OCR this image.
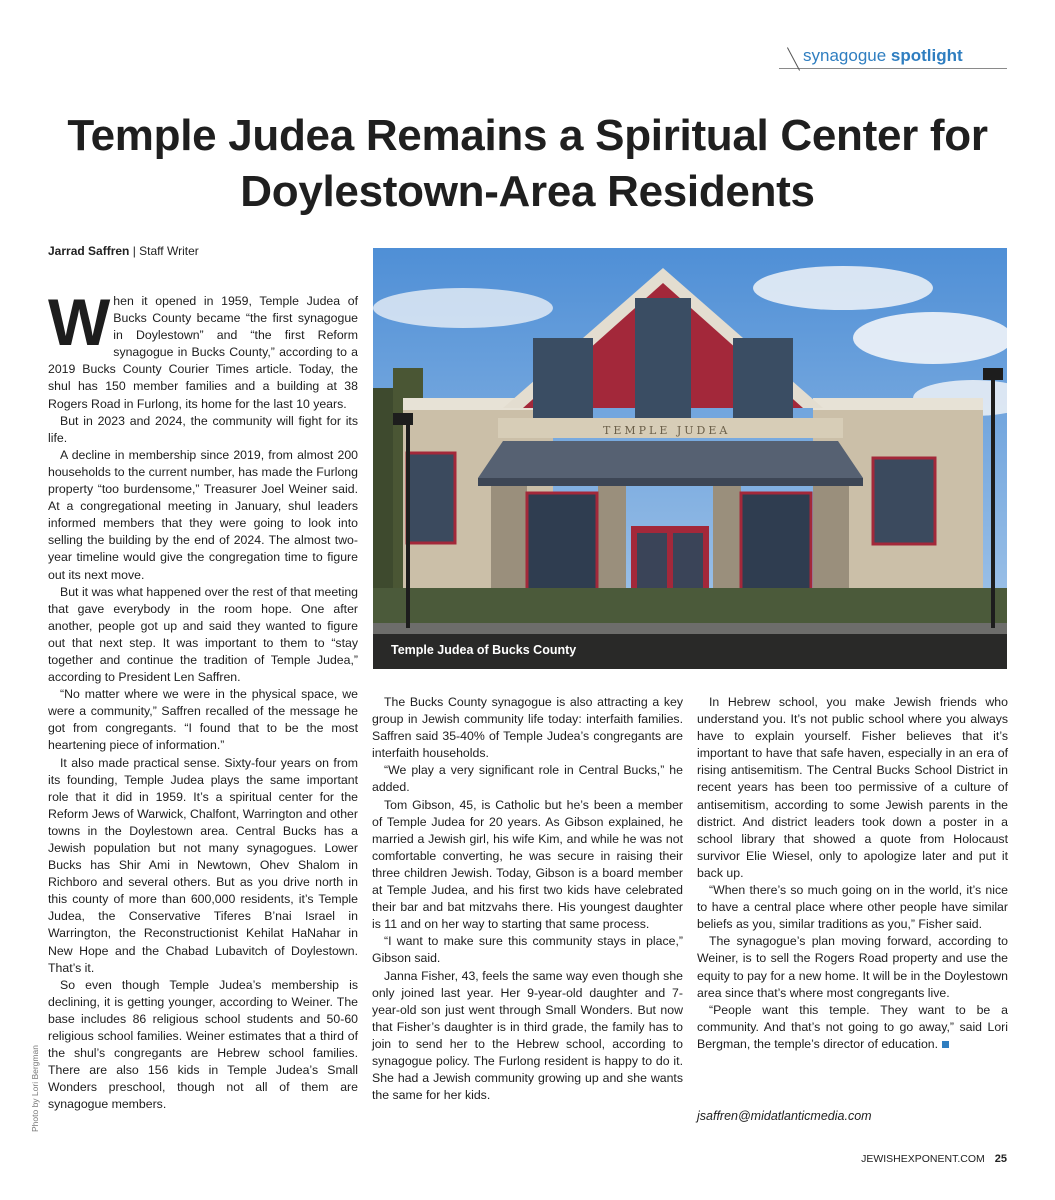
synagogue spotlight
Temple Judea Remains a Spiritual Center for Doylestown-Area Residents
Jarrad Saffren | Staff Writer

When it opened in 1959, Temple Judea of Bucks County became “the first synagogue in Doylestown” and “the first Reform synagogue in Bucks County,” according to a 2019 Bucks County Courier Times article. Today, the shul has 150 member families and a building at 38 Rogers Road in Furlong, its home for the last 10 years.

But in 2023 and 2024, the community will fight for its life.

A decline in membership since 2019, from almost 200 households to the current number, has made the Furlong property “too burdensome,” Treasurer Joel Weiner said. At a congregational meeting in January, shul leaders informed members that they were going to look into selling the building by the end of 2024. The almost two-year timeline would give the congregation time to figure out its next move.

But it was what happened over the rest of that meeting that gave everybody in the room hope. One after another, people got up and said they wanted to figure out that next step. It was important to them to “stay together and continue the tradition of Temple Judea,” according to President Len Saffren.

“No matter where we were in the physical space, we were a community,” Saffren recalled of the message he got from congregants. “I found that to be the most heartening piece of information.”

It also made practical sense. Sixty-four years on from its founding, Temple Judea plays the same important role that it did in 1959. It’s a spiritual center for the Reform Jews of Warwick, Chalfont, Warrington and other towns in the Doylestown area. Central Bucks has a Jewish population but not many synagogues. Lower Bucks has Shir Ami in Newtown, Ohev Shalom in Richboro and several others. But as you drive north in this county of more than 600,000 residents, it’s Temple Judea, the Conservative Tiferes B’nai Israel in Warrington, the Reconstructionist Kehilat HaNahar in New Hope and the Chabad Lubavitch of Doylestown. That’s it.

So even though Temple Judea’s membership is declining, it is getting younger, according to Weiner. The base includes 86 religious school students and 50-60 religious school families. Weiner estimates that a third of the shul’s congregants are Hebrew school families. There are also 156 kids in Temple Judea’s Small Wonders preschool, though not all of them are synagogue members.

TEMPLE JUDEA
Temple Judea of Bucks County

The Bucks County synagogue is also attracting a key group in Jewish community life today: interfaith families. Saffren said 35-40% of Temple Judea’s congregants are interfaith households.

“We play a very significant role in Central Bucks,” he added.

Tom Gibson, 45, is Catholic but he’s been a member of Temple Judea for 20 years. As Gibson explained, he married a Jewish girl, his wife Kim, and while he was not comfortable converting, he was secure in raising their three children Jewish. Today, Gibson is a board member at Temple Judea, and his first two kids have celebrated their bar and bat mitzvahs there. His youngest daughter is 11 and on her way to starting that same process.

“I want to make sure this community stays in place,” Gibson said.

Janna Fisher, 43, feels the same way even though she only joined last year. Her 9-year-old daughter and 7-year-old son just went through Small Wonders. But now that Fisher’s daughter is in third grade, the family has to join to send her to the Hebrew school, according to synagogue policy. The Furlong resident is happy to do it. She had a Jewish community growing up and she wants the same for her kids.

In Hebrew school, you make Jewish friends who understand you. It’s not public school where you always have to explain yourself. Fisher believes that it’s important to have that safe haven, especially in an era of rising antisemitism. The Central Bucks School District in recent years has been too permissive of a culture of antisemitism, according to some Jewish parents in the district. And district leaders took down a poster in a school library that showed a quote from Holocaust survivor Elie Wiesel, only to apologize later and put it back up.

“When there’s so much going on in the world, it’s nice to have a central place where other people have similar beliefs as you, similar traditions as you,” Fisher said.

The synagogue’s plan moving forward, according to Weiner, is to sell the Rogers Road property and use the equity to pay for a new home. It will be in the Doylestown area since that’s where most congregants live.

“People want this temple. They want to be a community. And that’s not going to go away,” said Lori Bergman, the temple’s director of education.

jsaffren@midatlanticmedia.com
Photo by Lori Bergman
JEWISHEXPONENT.COM 25
